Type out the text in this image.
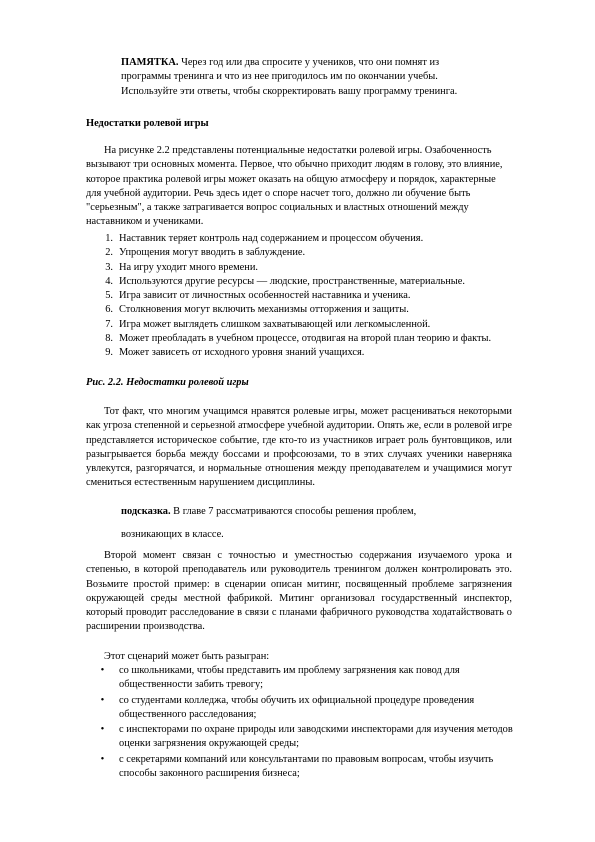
ПАМЯТКА. Через год или два спросите у учеников, что они помнят из

программы тренинга и что из нее пригодилось им по окончании учебы.

Используйте эти ответы, чтобы скорректировать вашу программу тренинга.

Недостатки ролевой игры

На рисунке 2.2 представлены потенциальные недостатки ролевой игры. Озабоченность вызывают три основных момента. Первое, что обычно приходит людям в голову, это влияние, которое практика ролевой игры может оказать на общую атмосферу и порядок, характерные для учебной аудитории. Речь здесь идет о споре насчет того, должно ли обучение быть "серьезным", а также затрагивается вопрос социальных и властных отношений между наставником и учениками.

1. Наставник теряет контроль над содержанием и процессом обучения.
2. Упрощения могут вводить в заблуждение.
3. На игру уходит много времени.
4. Используются другие ресурсы — людские, пространственные, материальные.
5. Игра зависит от личностных особенностей наставника и ученика.
6. Столкновения могут включить механизмы отторжения и защиты.
7. Игра может выглядеть слишком захватывающей или легкомысленной.
8. Может преобладать в учебном процессе, отодвигая на второй план теорию и факты.
9. Может зависеть от исходного уровня знаний учащихся.

Рис. 2.2. Недостатки ролевой игры

Тот факт, что многим учащимся нравятся ролевые игры, может расцениваться некоторыми как угроза степенной и серьезной атмосфере учебной аудитории. Опять же, если в ролевой игре представляется историческое событие, где кто-то из участников играет роль бунтовщиков, или разыгрывается борьба между боссами и профсоюзами, то в этих случаях ученики наверняка увлекутся, разгорячатся, и нормальные отношения между преподавателем и учащимися могут смениться естественным нарушением дисциплины.

подсказка. В главе 7 рассматриваются способы решения проблем,

возникающих в классе.

Второй момент связан с точностью и уместностью содержания изучаемого урока и степенью, в которой преподаватель или руководитель тренингом должен контролировать это. Возьмите простой пример: в сценарии описан митинг, посвященный проблеме загрязнения окружающей среды местной фабрикой. Митинг организовал государственный инспектор, который проводит расследование в связи с планами фабричного руководства ходатайствовать о расширении производства.

Этот сценарий может быть разыгран:

•	со школьниками, чтобы представить им проблему загрязнения как повод для общественности забить тревогу;
•	со студентами колледжа, чтобы обучить их официальной процедуре проведения общественного расследования;
•	с инспекторами по охране природы или заводскими инспекторами для изучения методов оценки загрязнения окружающей среды;
•	с секретарями компаний или консультантами по правовым вопросам, чтобы изучить способы законного расширения бизнеса;
